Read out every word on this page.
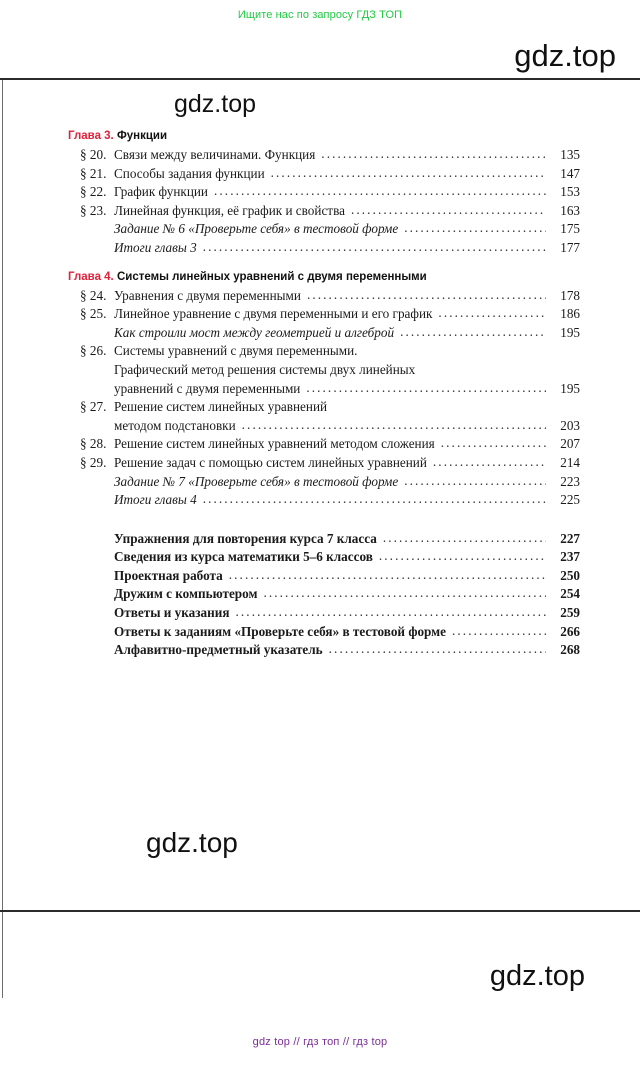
Ищите нас по запросу ГДЗ ТОП
gdz.top
gdz.top
Глава 3. Функции
§ 20. Связи между величинами. Функция .....	135
§ 21. Способы задания функции .....	147
§ 22. График функции .....	153
§ 23. Линейная функция, её график и свойства .....	163
Задание № 6 «Проверьте себя» в тестовой форме .....	175
Итоги главы 3 .....	177
Глава 4. Системы линейных уравнений с двумя переменными
§ 24. Уравнения с двумя переменными .....	178
§ 25. Линейное уравнение с двумя переменными и его график .....	186
Как строили мост между геометрией и алгеброй .....	195
§ 26. Системы уравнений с двумя переменными.
Графический метод решения системы двух линейных
уравнений с двумя переменными .....	195
§ 27. Решение систем линейных уравнений
методом подстановки .....	203
§ 28. Решение систем линейных уравнений методом сложения .....	207
§ 29. Решение задач с помощью систем линейных уравнений .....	214
Задание № 7 «Проверьте себя» в тестовой форме .....	223
Итоги главы 4 .....	225
Упражнения для повторения курса 7 класса .....	227
Сведения из курса математики 5–6 классов .....	237
Проектная работа .....	250
Дружим с компьютером .....	254
Ответы и указания .....	259
Ответы к заданиям «Проверьте себя» в тестовой форме .....	266
Алфавитно-предметный указатель .....	268
gdz.top
gdz.top
gdz top // гдз топ // гдз top
